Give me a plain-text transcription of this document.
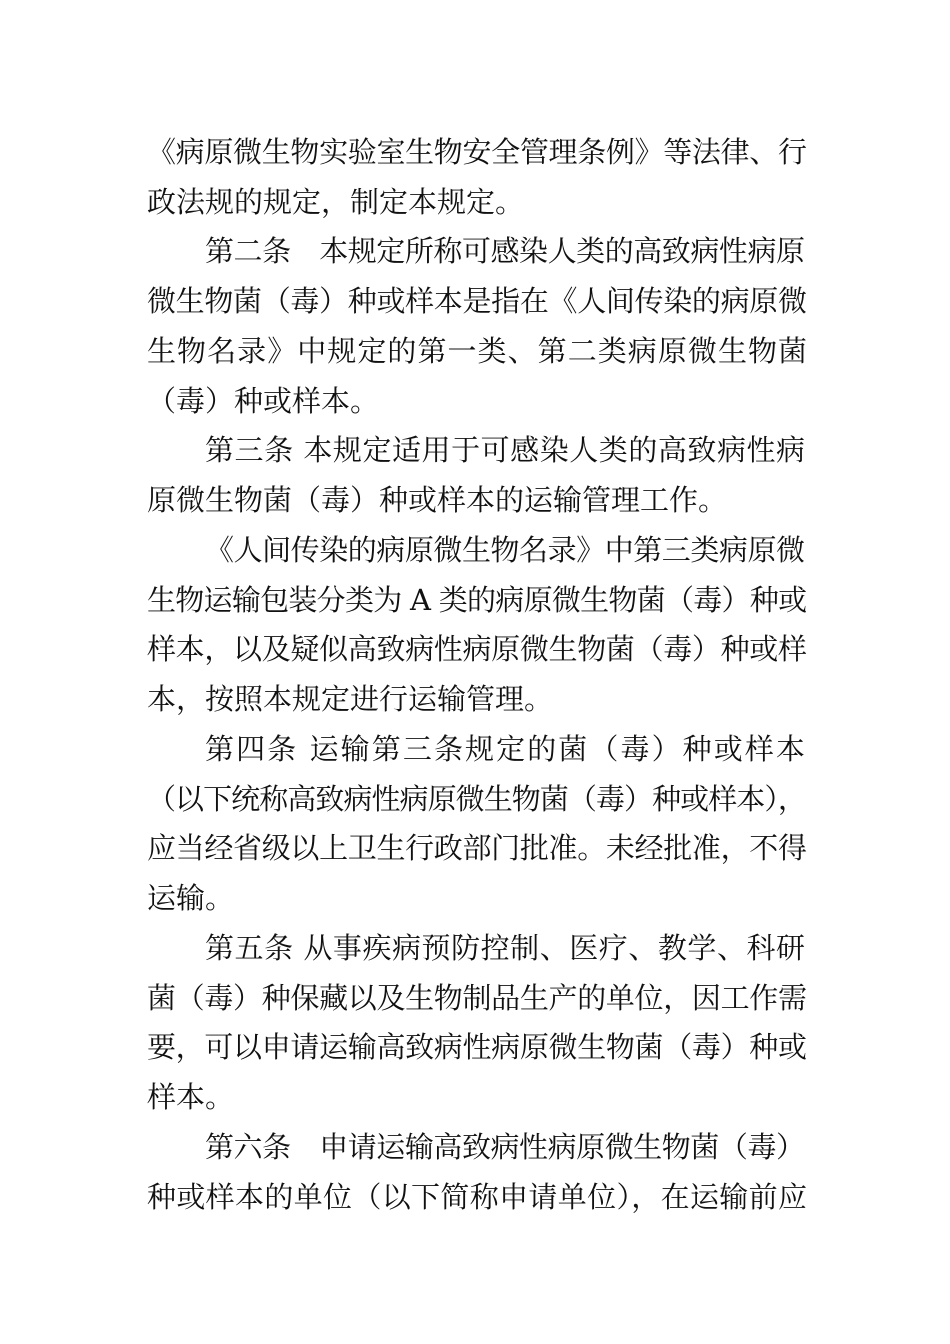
《病原微生物实验室生物安全管理条例》等法律、行
政法规的规定，制定本规定。
第二条　本规定所称可感染人类的高致病性病原
微生物菌（毒）种或样本是指在《人间传染的病原微
生物名录》中规定的第一类、第二类病原微生物菌
（毒）种或样本。
第三条 本规定适用于可感染人类的高致病性病
原微生物菌（毒）种或样本的运输管理工作。
《人间传染的病原微生物名录》中第三类病原微
生物运输包装分类为 A 类的病原微生物菌（毒）种或
样本，以及疑似高致病性病原微生物菌（毒）种或样
本，按照本规定进行运输管理。
第四条 运输第三条规定的菌（毒）种或样本
（以下统称高致病性病原微生物菌（毒）种或样本），
应当经省级以上卫生行政部门批准。未经批准，不得
运输。
第五条 从事疾病预防控制、医疗、教学、科研
菌（毒）种保藏以及生物制品生产的单位，因工作需
要，可以申请运输高致病性病原微生物菌（毒）种或
样本。
第六条　申请运输高致病性病原微生物菌（毒）
种或样本的单位（以下简称申请单位），在运输前应
